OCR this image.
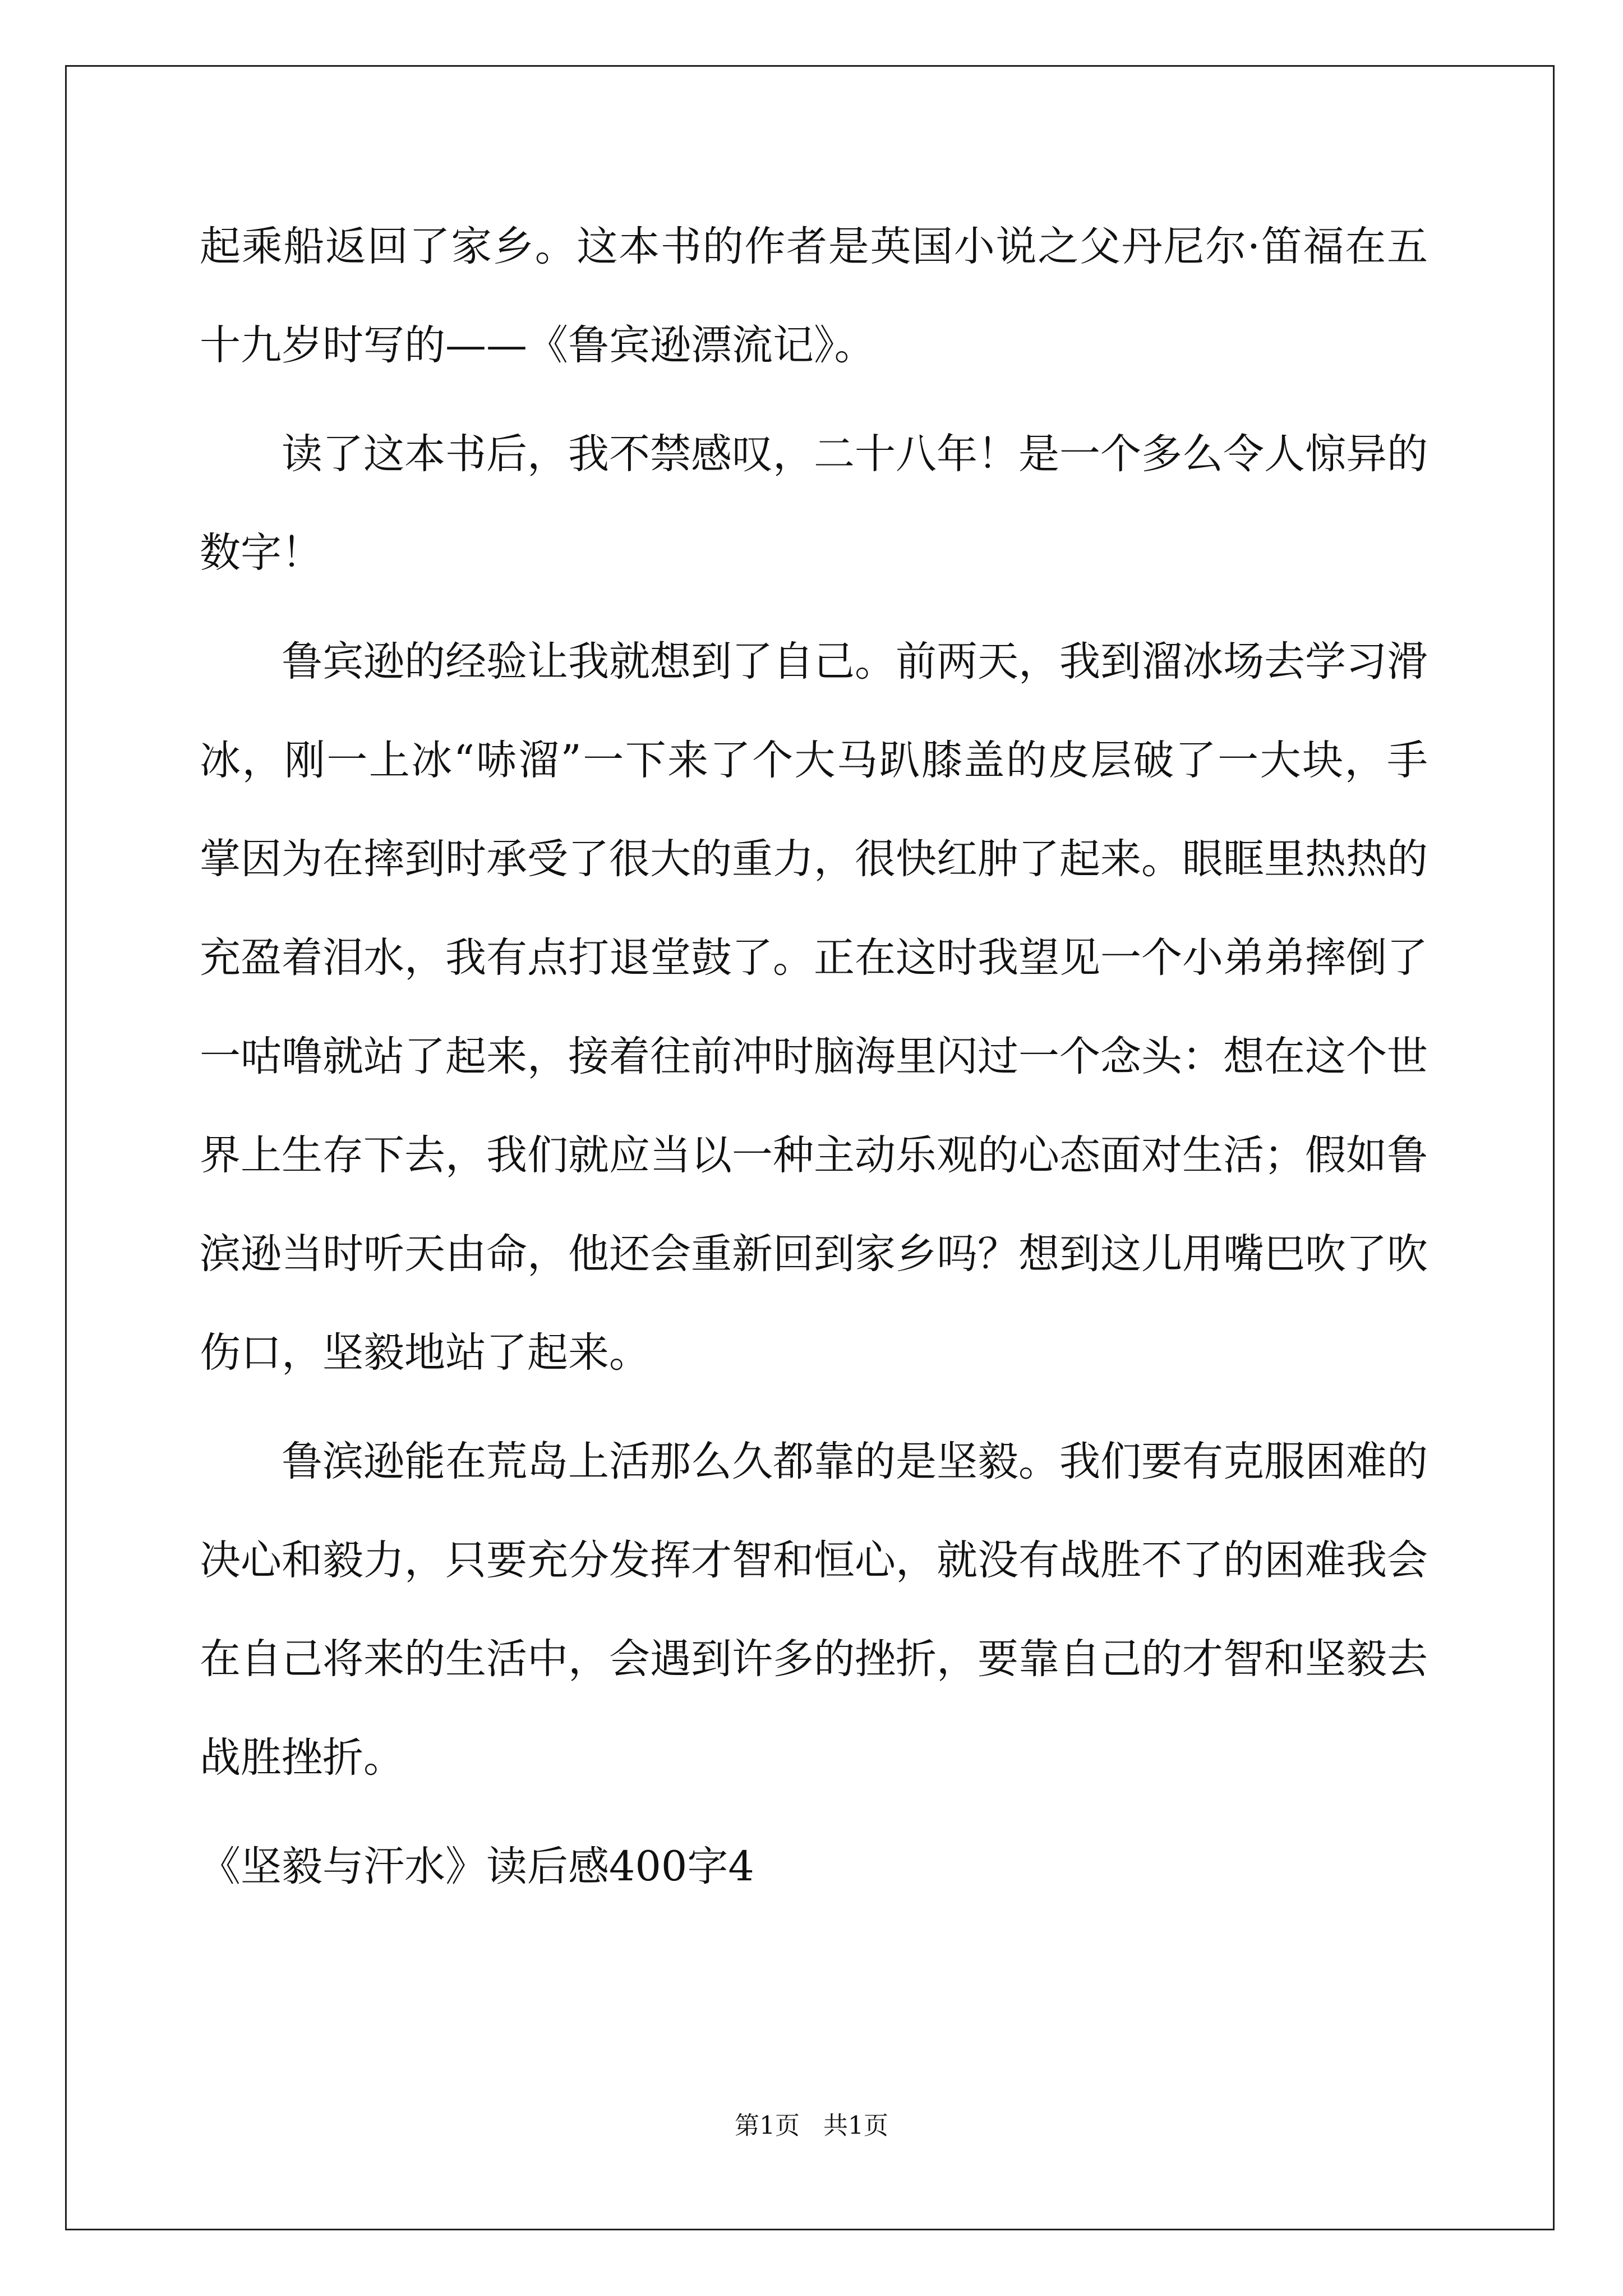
起乘船返回了家乡。这本书的作者是英国小说之父丹尼尔·笛福在五十九岁时写的——《鲁宾逊漂流记》。

读了这本书后，我不禁感叹，二十八年！是一个多么令人惊异的数字！

鲁宾逊的经验让我就想到了自己。前两天，我到溜冰场去学习滑冰，刚一上冰“哧溜”一下来了个大马趴膝盖的皮层破了一大块，手掌因为在摔到时承受了很大的重力，很快红肿了起来。眼眶里热热的充盈着泪水，我有点打退堂鼓了。正在这时我望见一个小弟弟摔倒了一咕噜就站了起来，接着往前冲时脑海里闪过一个念头：想在这个世界上生存下去，我们就应当以一种主动乐观的心态面对生活；假如鲁滨逊当时听天由命，他还会重新回到家乡吗？想到这儿用嘴巴吹了吹伤口，坚毅地站了起来。

鲁滨逊能在荒岛上活那么久都靠的是坚毅。我们要有克服困难的决心和毅力，只要充分发挥才智和恒心，就没有战胜不了的困难我会在自己将来的生活中，会遇到许多的挫折，要靠自己的才智和坚毅去战胜挫折。

《坚毅与汗水》读后感400字4
第1页   共1页
